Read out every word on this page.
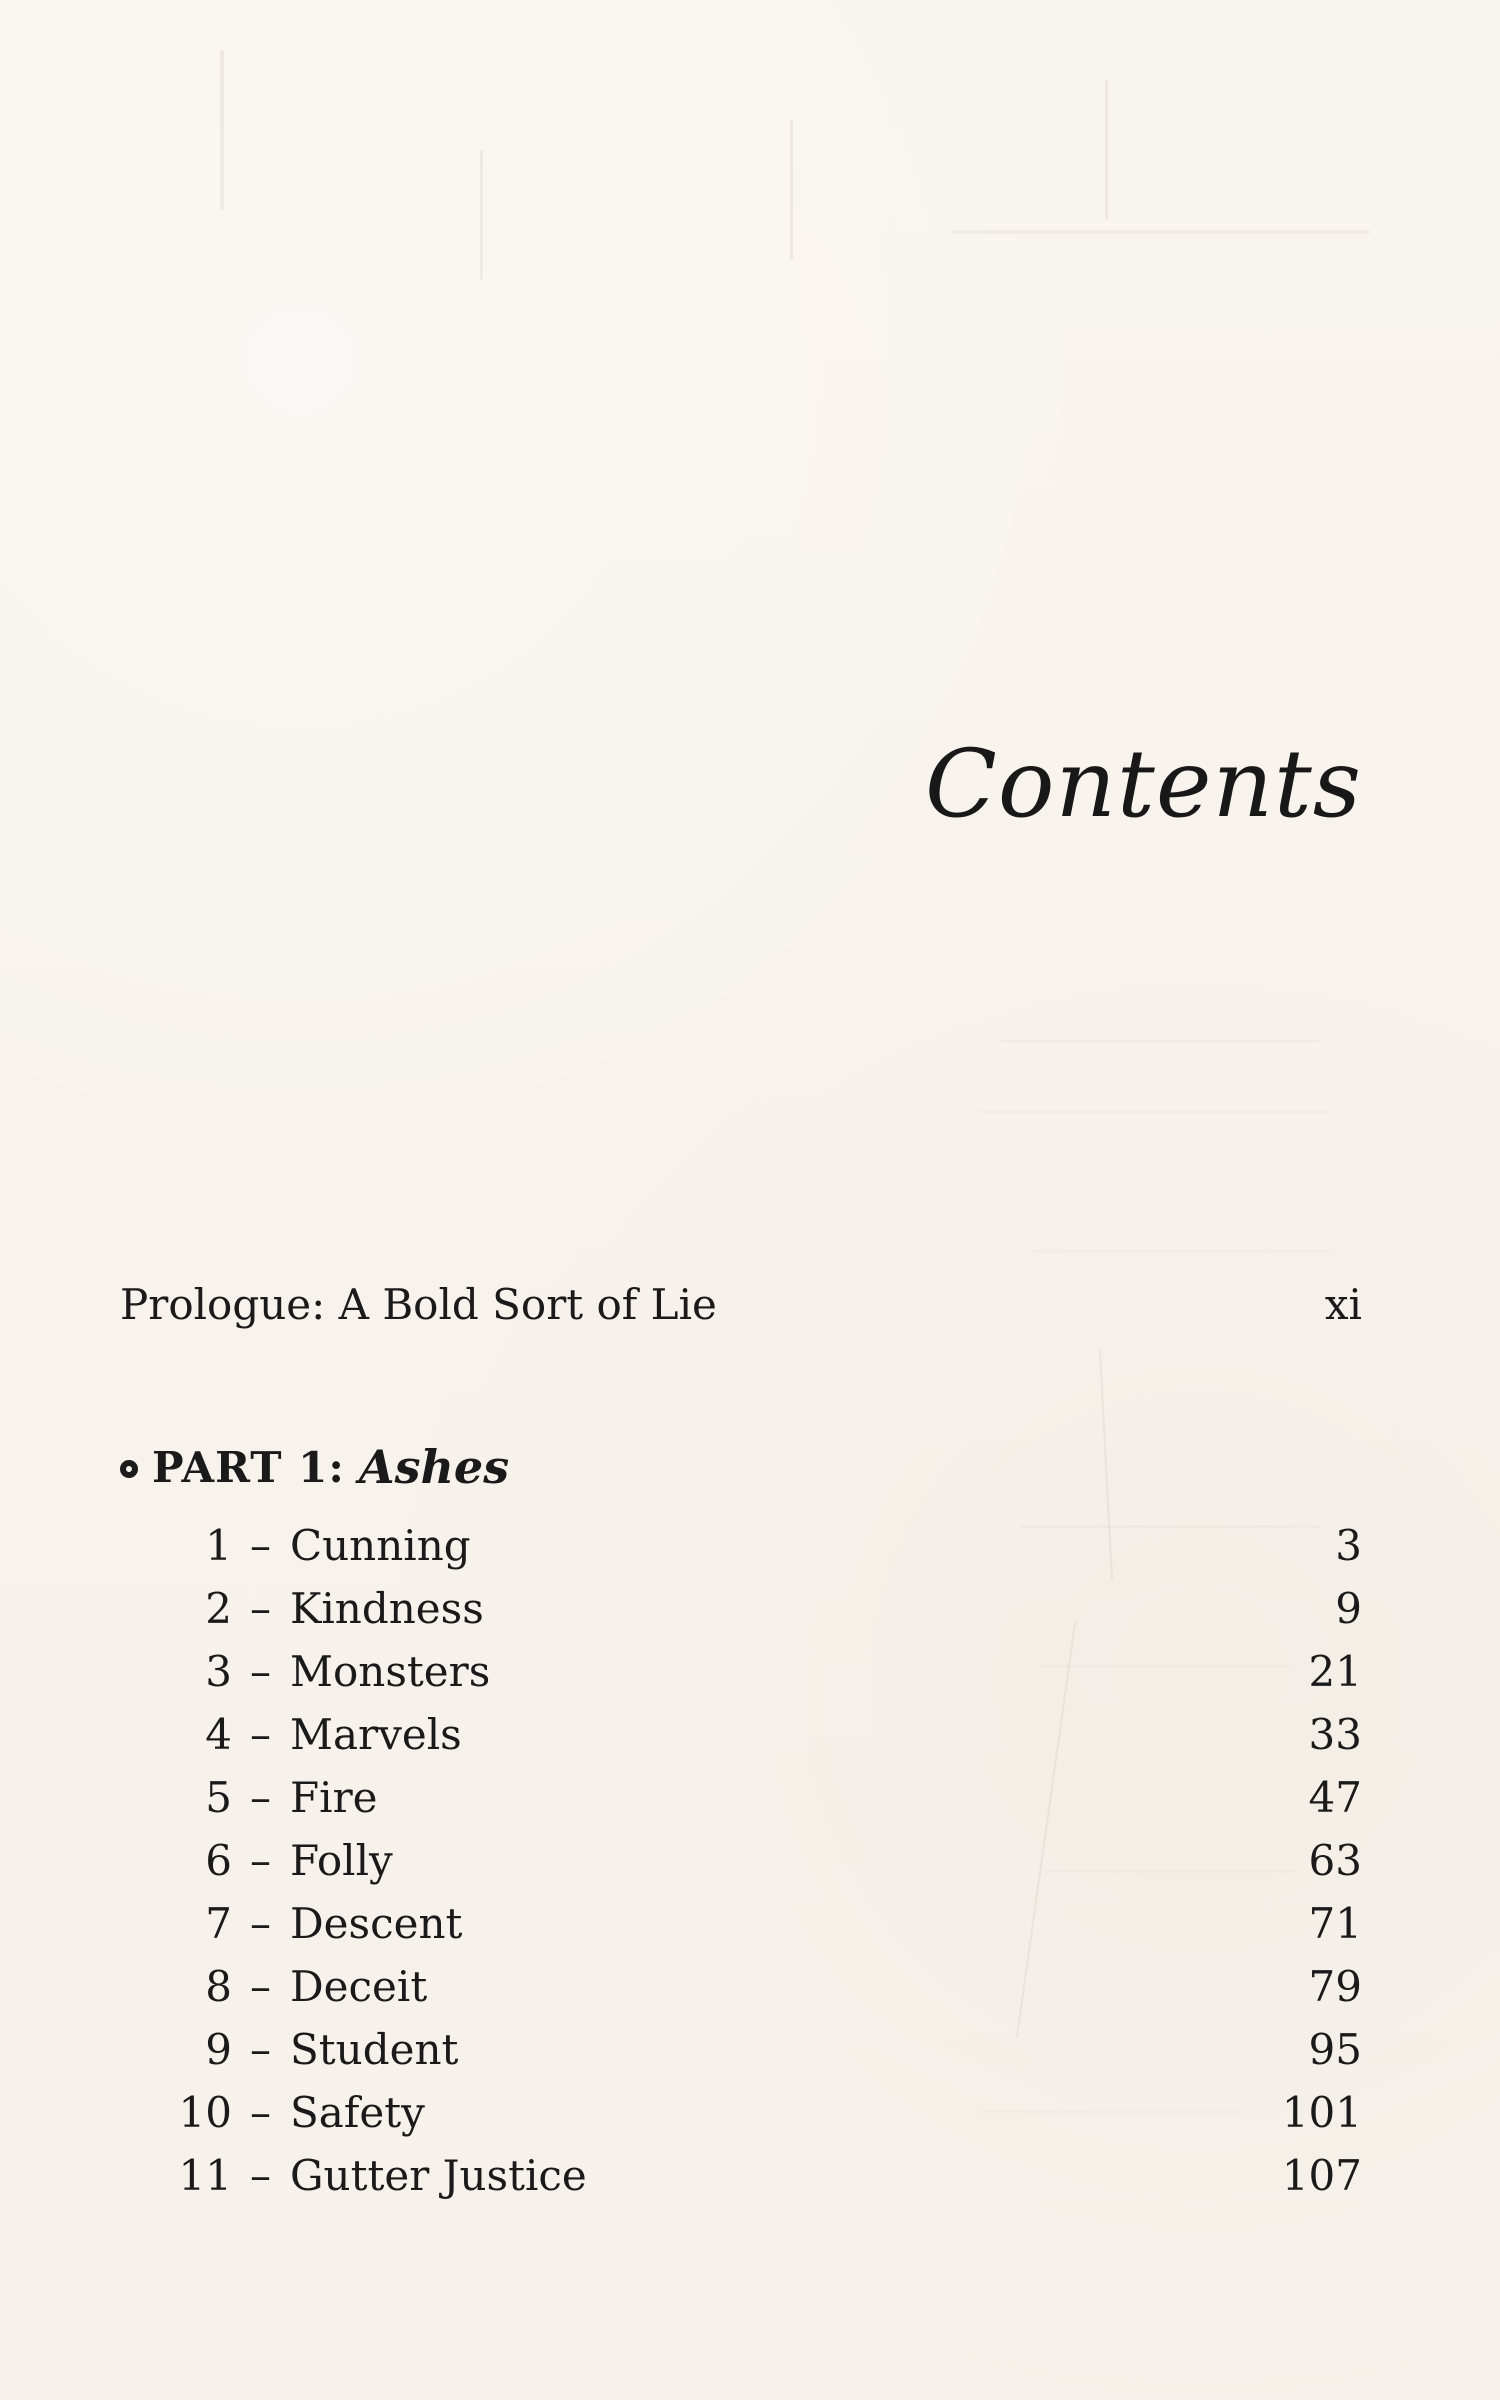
Contents
Prologue: A Bold Sort of Lie	xi
PART 1: Ashes
1 – Cunning	3
2 – Kindness	9
3 – Monsters	21
4 – Marvels	33
5 – Fire	47
6 – Folly	63
7 – Descent	71
8 – Deceit	79
9 – Student	95
10 – Safety	101
11 – Gutter Justice	107
